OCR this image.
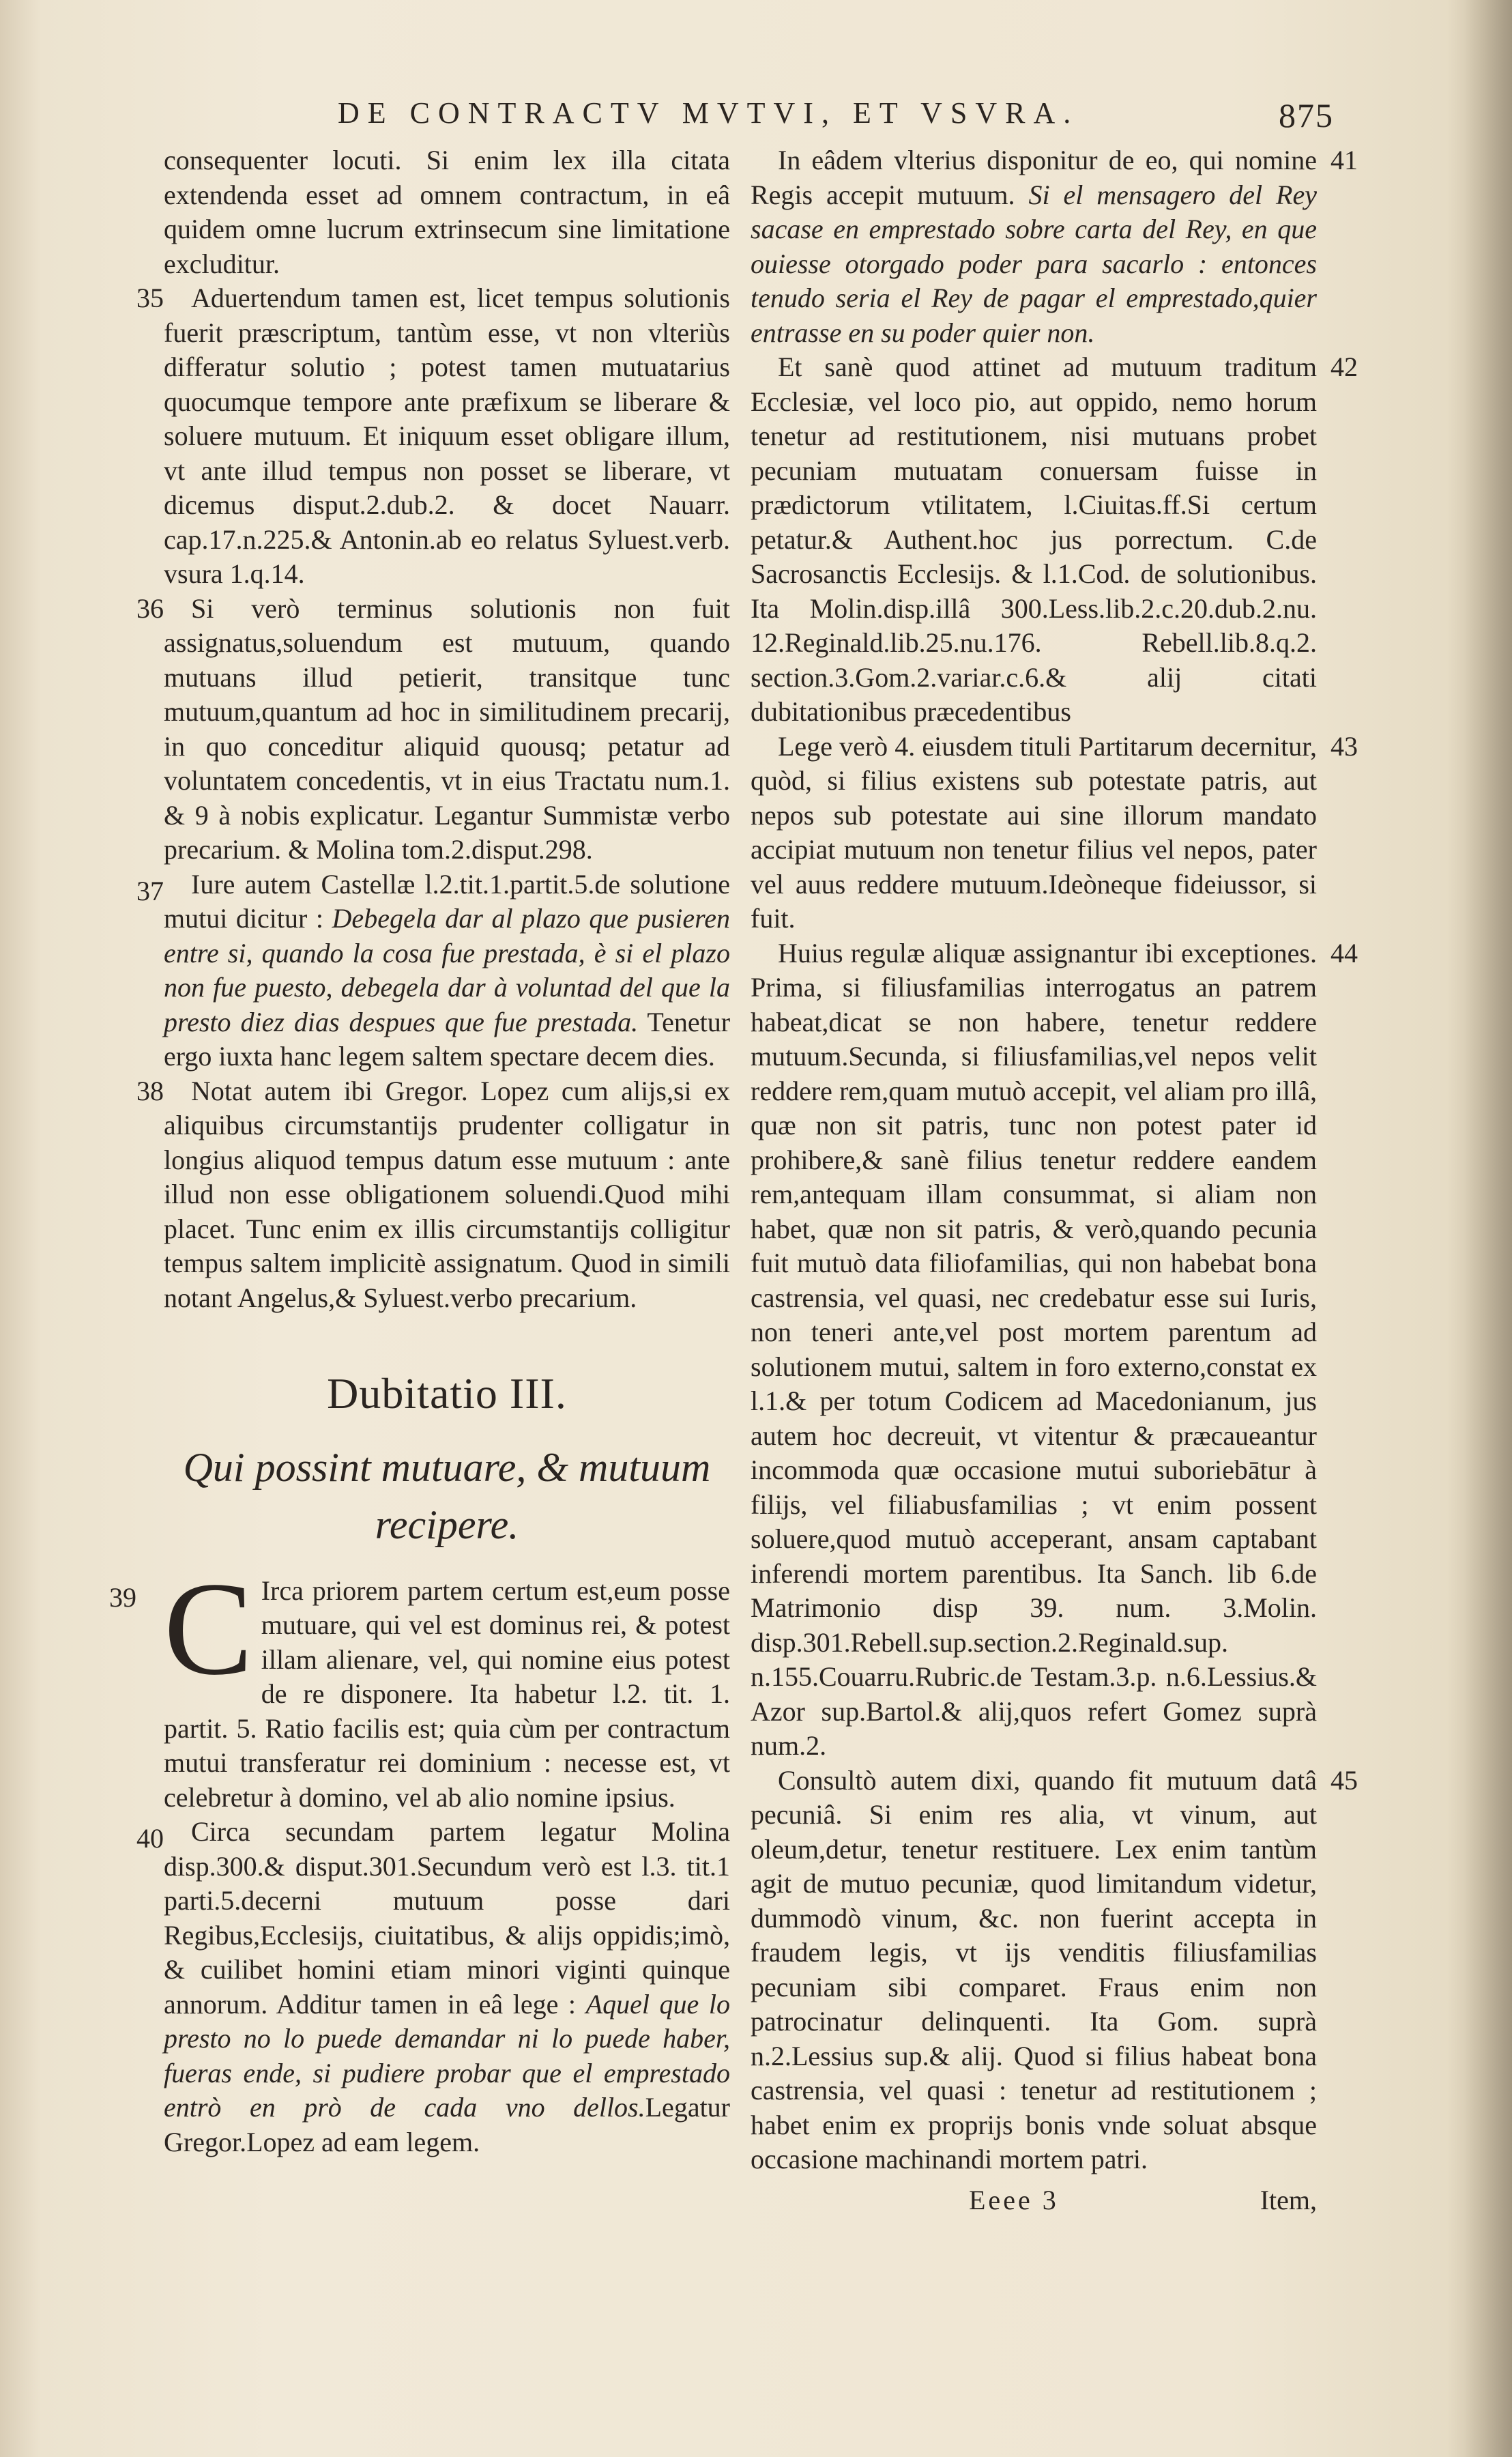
DE CONTRACTV MVTVI, ET VSVRA.	875

consequenter locuti. Si enim lex illa citata extendenda esset ad omnem contractum, in eâ quidem omne lucrum extrinsecum sine limitatione excluditur.

35 Aduertendum tamen est, licet tempus solutionis fuerit præscriptum, tantùm esse, vt non vlteriùs differatur solutio ; potest tamen mutuatarius quocumque tempore ante præfixum se liberare & soluere mutuum. Et iniquum esset obligare illum, vt ante illud tempus non posset se liberare, vt dicemus disput.2.dub.2. & docet Nauarr. cap.17.n.225.& Antonin.ab eo relatus Syluest.verb. vsura 1.q.14.

36 Si verò terminus solutionis non fuit assignatus,soluendum est mutuum, quando mutuans illud petierit, transitque tunc mutuum,quantum ad hoc in similitudinem precarij, in quo conceditur aliquid quousq; petatur ad voluntatem concedentis, vt in eius Tractatu num.1. & 9 à nobis explicatur. Legantur Summistæ verbo precarium. & Molina tom.2.disput.298.

37 Iure autem Castellæ l.2.tit.1.partit.5.de solutione mutui dicitur : Debegela dar al plazo que pusieren entre si, quando la cosa fue prestada, è si el plazo non fue puesto, debegela dar à voluntad del que la presto diez dias despues que fue prestada. Tenetur ergo iuxta hanc legem saltem spectare decem dies.

38 Notat autem ibi Gregor. Lopez cum alijs,si ex aliquibus circumstantijs prudenter colligatur in longius aliquod tempus datum esse mutuum : ante illud non esse obligationem soluendi.Quod mihi placet. Tunc enim ex illis circumstantijs colligitur tempus saltem implicitè assignatum. Quod in simili notant Angelus,& Syluest.verbo precarium.

Dubitatio III.
Qui possint mutuare, & mutuum recipere.

39 C Irca priorem partem certum est,eum posse mutuare, qui vel est dominus rei, & potest illam alienare, vel, qui nomine eius potest de re disponere. Ita habetur l.2. tit. 1. partit. 5. Ratio facilis est; quia cùm per contractum mutui transferatur rei dominium : necesse est, vt celebretur à domino, vel ab alio nomine ipsius.

40 Circa secundam partem legatur Molina disp.300.& disput.301.Secundum verò est l.3. tit.1 parti.5.decerni mutuum posse dari Regibus,Ecclesijs, ciuitatibus, & alijs oppidis;imò, & cuilibet homini etiam minori viginti quinque annorum. Additur tamen in eâ lege : Aquel que lo presto no lo puede demandar ni lo puede haber, fueras ende, si pudiere probar que el emprestado entrò en prò de cada vno dellos.Legatur Gregor.Lopez ad eam legem.

41
In eâdem vlterius disponitur de eo, qui nomine Regis accepit mutuum. Si el mensagero del Rey sacase en emprestado sobre carta del Rey, en que ouiesse otorgado poder para sacarlo : entonces tenudo seria el Rey de pagar el emprestado,quier entrasse en su poder quier non.

42
Et sanè quod attinet ad mutuum traditum Ecclesiæ, vel loco pio, aut oppido, nemo horum tenetur ad restitutionem, nisi mutuans probet pecuniam mutuatam conuersam fuisse in prædictorum vtilitatem, l.Ciuitas.ff.Si certum petatur.& Authent.hoc jus porrectum. C.de Sacrosanctis Ecclesijs. & l.1.Cod. de solutionibus. Ita Molin.disp.illâ 300.Less.lib.2.c.20.dub.2.nu. 12.Reginald.lib.25.nu.176. Rebell.lib.8.q.2. section.3.Gom.2.variar.c.6.& alij citati dubitationibus præcedentibus

43
Lege verò 4. eiusdem tituli Partitarum decernitur, quòd, si filius existens sub potestate patris, aut nepos sub potestate aui sine illorum mandato accipiat mutuum non tenetur filius vel nepos, pater vel auus reddere mutuum.Ideòneque fideiussor, si fuit.

44
Huius regulæ aliquæ assignantur ibi exceptiones. Prima, si filiusfamilias interrogatus an patrem habeat,dicat se non habere, tenetur reddere mutuum.Secunda, si filiusfamilias,vel nepos velit reddere rem,quam mutuò accepit, vel aliam pro illâ, quæ non sit patris, tunc non potest pater id prohibere,& sanè filius tenetur reddere eandem rem,antequam illam consummat, si aliam non habet, quæ non sit patris, & verò,quando pecunia fuit mutuò data filiofamilias, qui non habebat bona castrensia, vel quasi, nec credebatur esse sui Iuris, non teneri ante,vel post mortem parentum ad solutionem mutui, saltem in foro externo,constat ex l.1.& per totum Codicem ad Macedonianum, jus autem hoc decreuit, vt vitentur & præcaueantur incommoda quæ occasione mutui suboriebātur à filijs, vel filiabusfamilias ; vt enim possent soluere,quod mutuò acceperant, ansam captabant inferendi mortem parentibus. Ita Sanch. lib 6.de Matrimonio disp 39. num. 3.Molin. disp.301.Rebell.sup.section.2.Reginald.sup. n.155.Couarru.Rubric.de Testam.3.p. n.6.Lessius.& Azor sup.Bartol.& alij,quos refert Gomez suprà num.2.

45
Consultò autem dixi, quando fit mutuum datâ pecuniâ. Si enim res alia, vt vinum, aut oleum,detur, tenetur restituere. Lex enim tantùm agit de mutuo pecuniæ, quod limitandum videtur, dummodò vinum, &c. non fuerint accepta in fraudem legis, vt ijs venditis filiusfamilias pecuniam sibi comparet. Fraus enim non patrocinatur delinquenti. Ita Gom. suprà n.2.Lessius sup.& alij. Quod si filius habeat bona castrensia, vel quasi : tenetur ad restitutionem ; habet enim ex proprijs bonis vnde soluat absque occasione machinandi mortem patri.

Eeee 3	Item,
